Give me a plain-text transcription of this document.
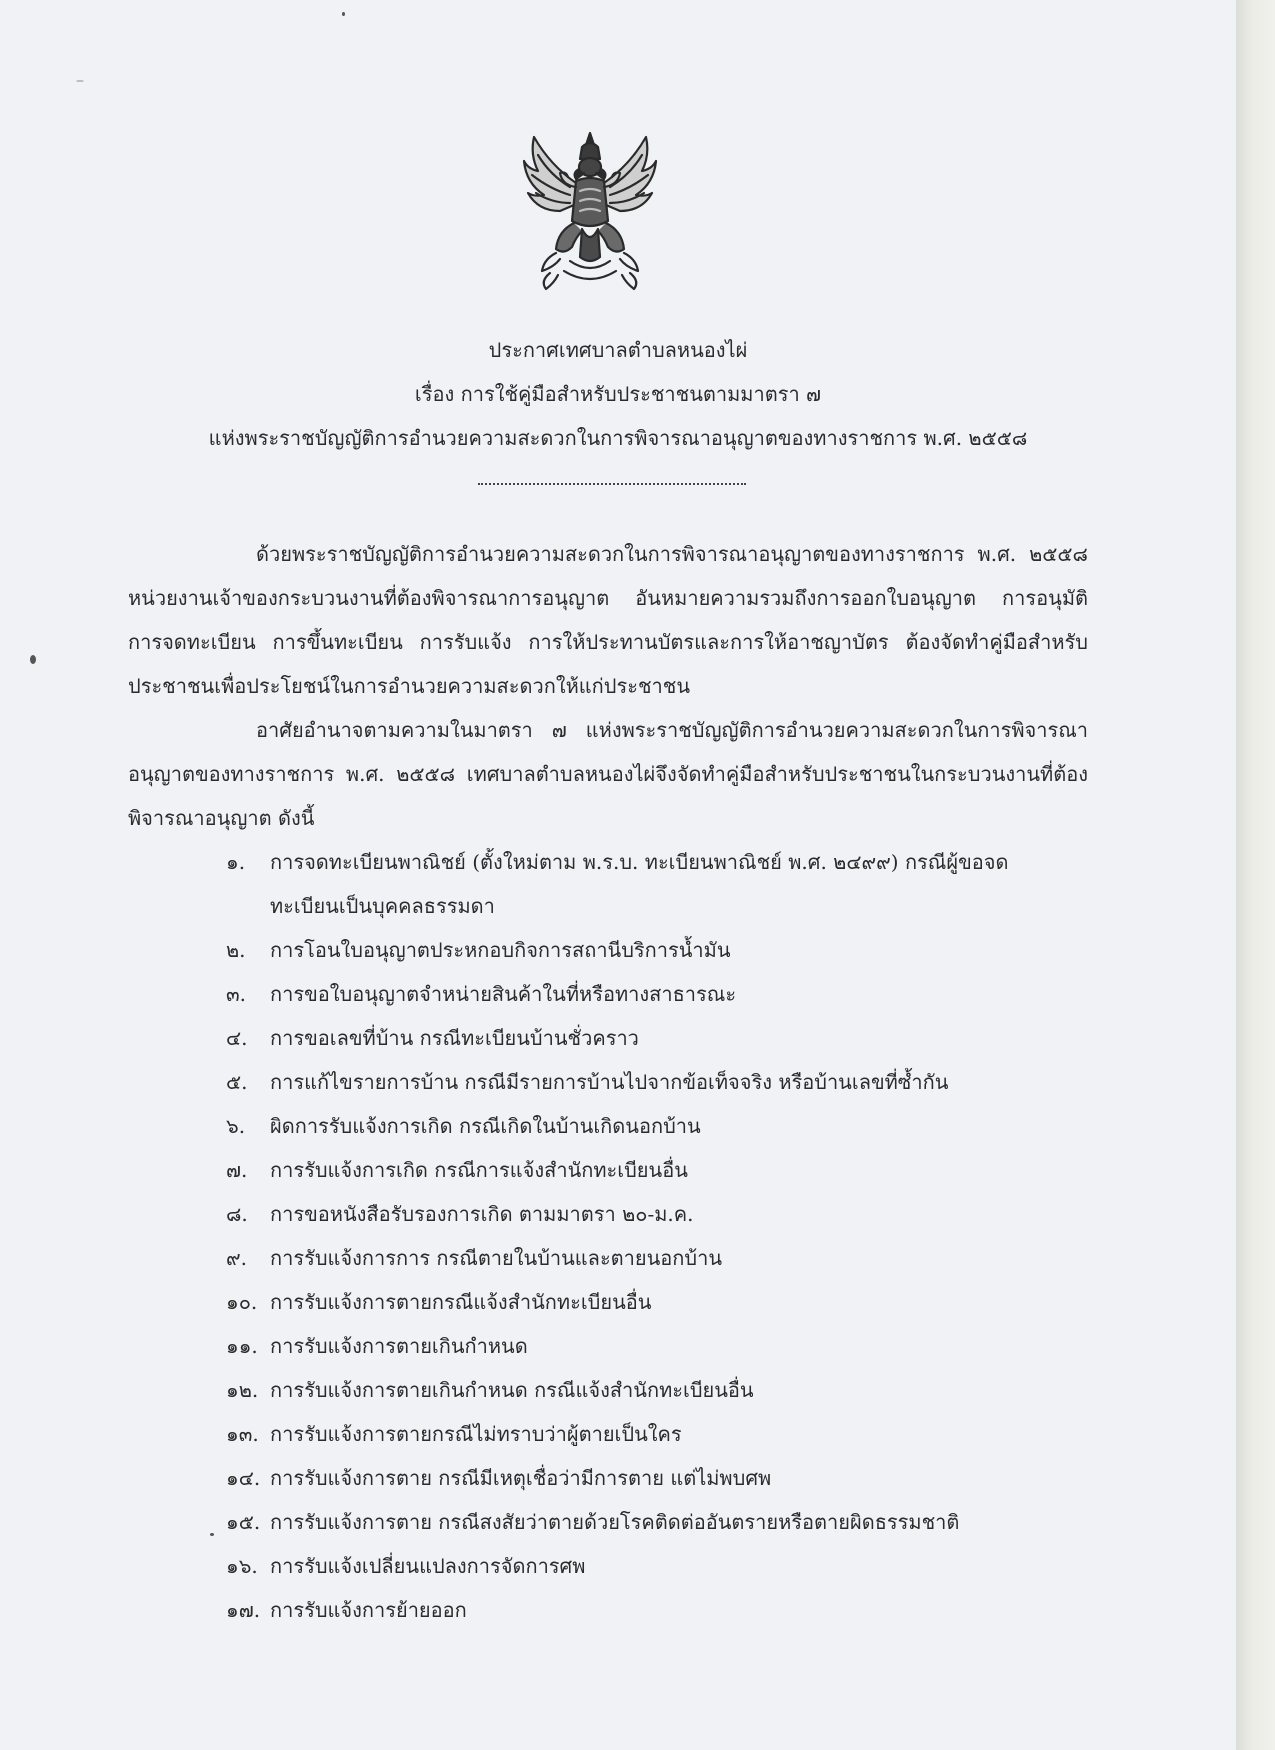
ประกาศเทศบาลตำบลหนองไผ่
เรื่อง การใช้คู่มือสำหรับประชาชนตามมาตรา ๗
แห่งพระราชบัญญัติการอำนวยความสะดวกในการพิจารณาอนุญาตของทางราชการ พ.ศ. ๒๕๕๘

ด้วยพระราชบัญญัติการอำนวยความสะดวกในการพิจารณาอนุญาตของทางราชการ พ.ศ. ๒๕๕๘ หน่วยงานเจ้าของกระบวนงานที่ต้องพิจารณาการอนุญาต อันหมายความรวมถึงการออกใบอนุญาต การอนุมัติ การจดทะเบียน การขึ้นทะเบียน การรับแจ้ง การให้ประทานบัตรและการให้อาชญาบัตร ต้องจัดทำคู่มือสำหรับประชาชนเพื่อประโยชน์ในการอำนวยความสะดวกให้แก่ประชาชน

อาศัยอำนาจตามความในมาตรา ๗ แห่งพระราชบัญญัติการอำนวยความสะดวกในการพิจารณาอนุญาตของทางราชการ พ.ศ. ๒๕๕๘ เทศบาลตำบลหนองไผ่จึงจัดทำคู่มือสำหรับประชาชนในกระบวนงานที่ต้องพิจารณาอนุญาต ดังนี้

๑.	การจดทะเบียนพาณิชย์ (ตั้งใหม่ตาม พ.ร.บ. ทะเบียนพาณิชย์ พ.ศ. ๒๔๙๙) กรณีผู้ขอจดทะเบียนเป็นบุคคลธรรมดา
๒.	การโอนใบอนุญาตประหกอบกิจการสถานีบริการน้ำมัน
๓.	การขอใบอนุญาตจำหน่ายสินค้าในที่หรือทางสาธารณะ
๔.	การขอเลขที่บ้าน กรณีทะเบียนบ้านชั่วคราว
๕.	การแก้ไขรายการบ้าน กรณีมีรายการบ้านไปจากข้อเท็จจริง หรือบ้านเลขที่ซ้ำกัน
๖.	ผิดการรับแจ้งการเกิด กรณีเกิดในบ้านเกิดนอกบ้าน
๗.	การรับแจ้งการเกิด กรณีการแจ้งสำนักทะเบียนอื่น
๘.	การขอหนังสือรับรองการเกิด ตามมาตรา ๒๐-ม.ค.
๙.	การรับแจ้งการการ กรณีตายในบ้านและตายนอกบ้าน
๑๐. การรับแจ้งการตายกรณีแจ้งสำนักทะเบียนอื่น
๑๑. การรับแจ้งการตายเกินกำหนด
๑๒. การรับแจ้งการตายเกินกำหนด กรณีแจ้งสำนักทะเบียนอื่น
๑๓. การรับแจ้งการตายกรณีไม่ทราบว่าผู้ตายเป็นใคร
๑๔. การรับแจ้งการตาย กรณีมีเหตุเชื่อว่ามีการตาย แต่ไม่พบศพ
๑๕. การรับแจ้งการตาย กรณีสงสัยว่าตายด้วยโรคติดต่ออันตรายหรือตายผิดธรรมชาติ
๑๖. การรับแจ้งเปลี่ยนแปลงการจัดการศพ
๑๗. การรับแจ้งการย้ายออก
